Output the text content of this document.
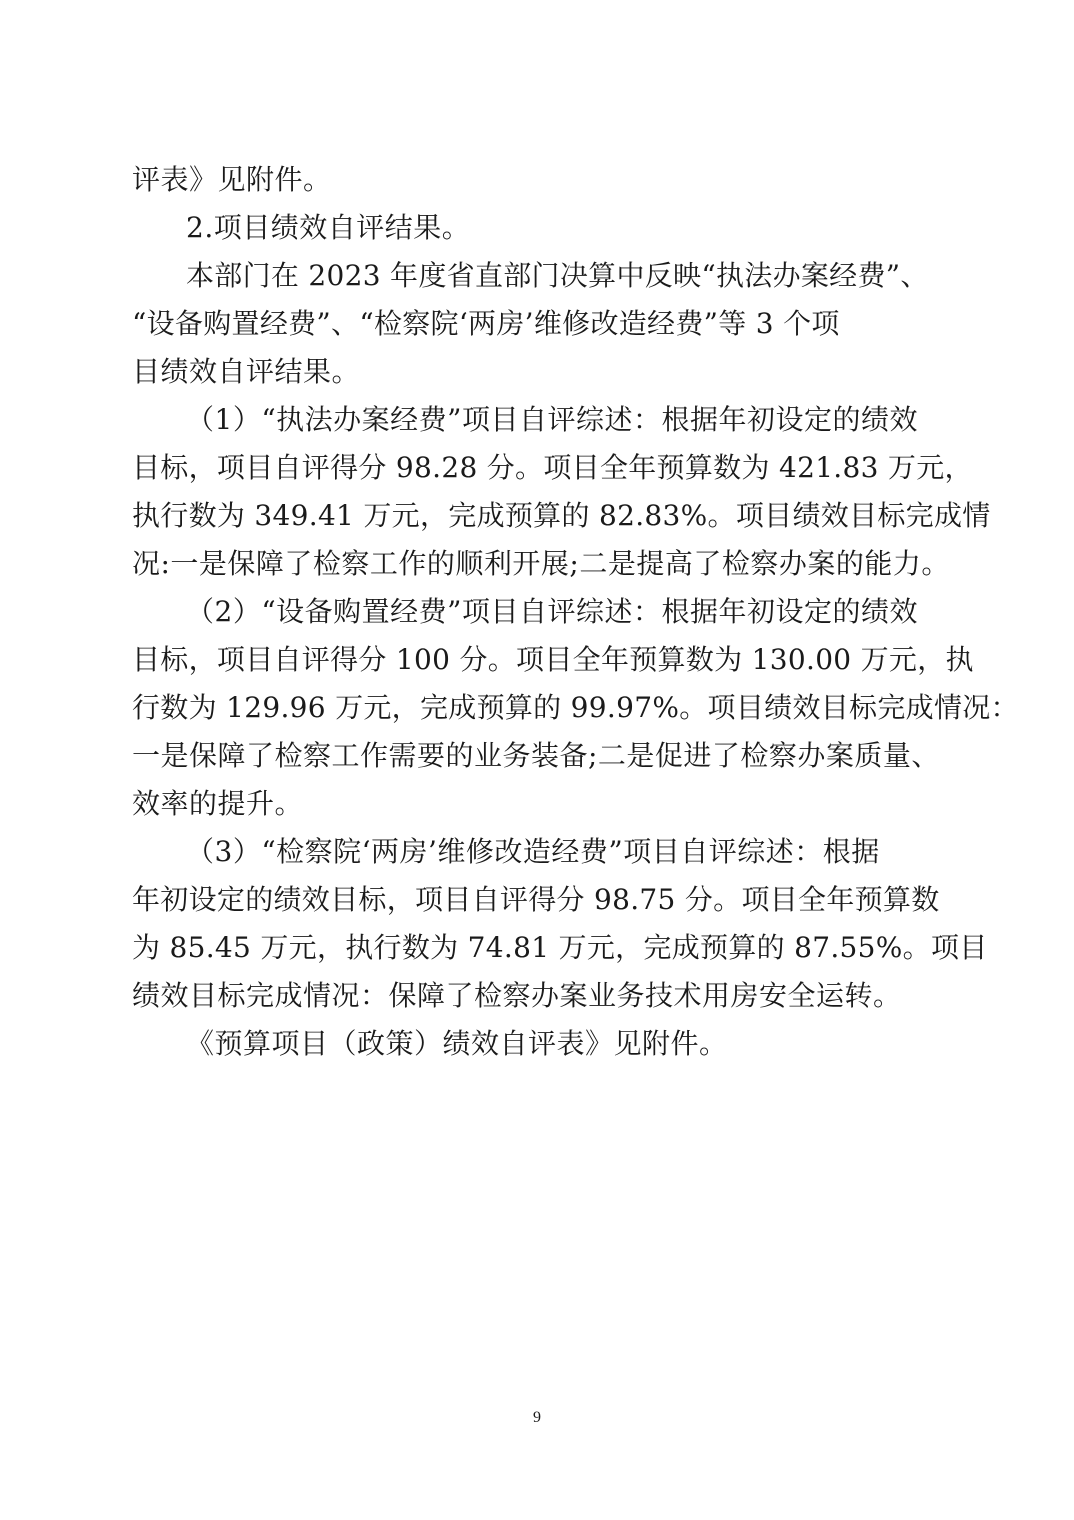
评表》见附件。

2.项目绩效自评结果。

本部门在 2023 年度省直部门决算中反映“执法办案经费”、

“设备购置经费”、“检察院‘两房’维修改造经费”等 3 个项

目绩效自评结果。

（1）“执法办案经费”项目自评综述：根据年初设定的绩效

目标，项目自评得分 98.28 分。项目全年预算数为 421.83 万元，

执行数为 349.41 万元，完成预算的 82.83%。项目绩效目标完成情

况:一是保障了检察工作的顺利开展;二是提高了检察办案的能力。

（2）“设备购置经费”项目自评综述：根据年初设定的绩效

目标，项目自评得分 100 分。项目全年预算数为 130.00 万元，执

行数为 129.96 万元，完成预算的 99.97%。项目绩效目标完成情况：

一是保障了检察工作需要的业务装备;二是促进了检察办案质量、

效率的提升。

（3）“检察院‘两房’维修改造经费”项目自评综述：根据

年初设定的绩效目标，项目自评得分 98.75 分。项目全年预算数

为 85.45 万元，执行数为 74.81 万元，完成预算的 87.55%。项目

绩效目标完成情况：保障了检察办案业务技术用房安全运转。

《预算项目（政策）绩效自评表》见附件。

9
